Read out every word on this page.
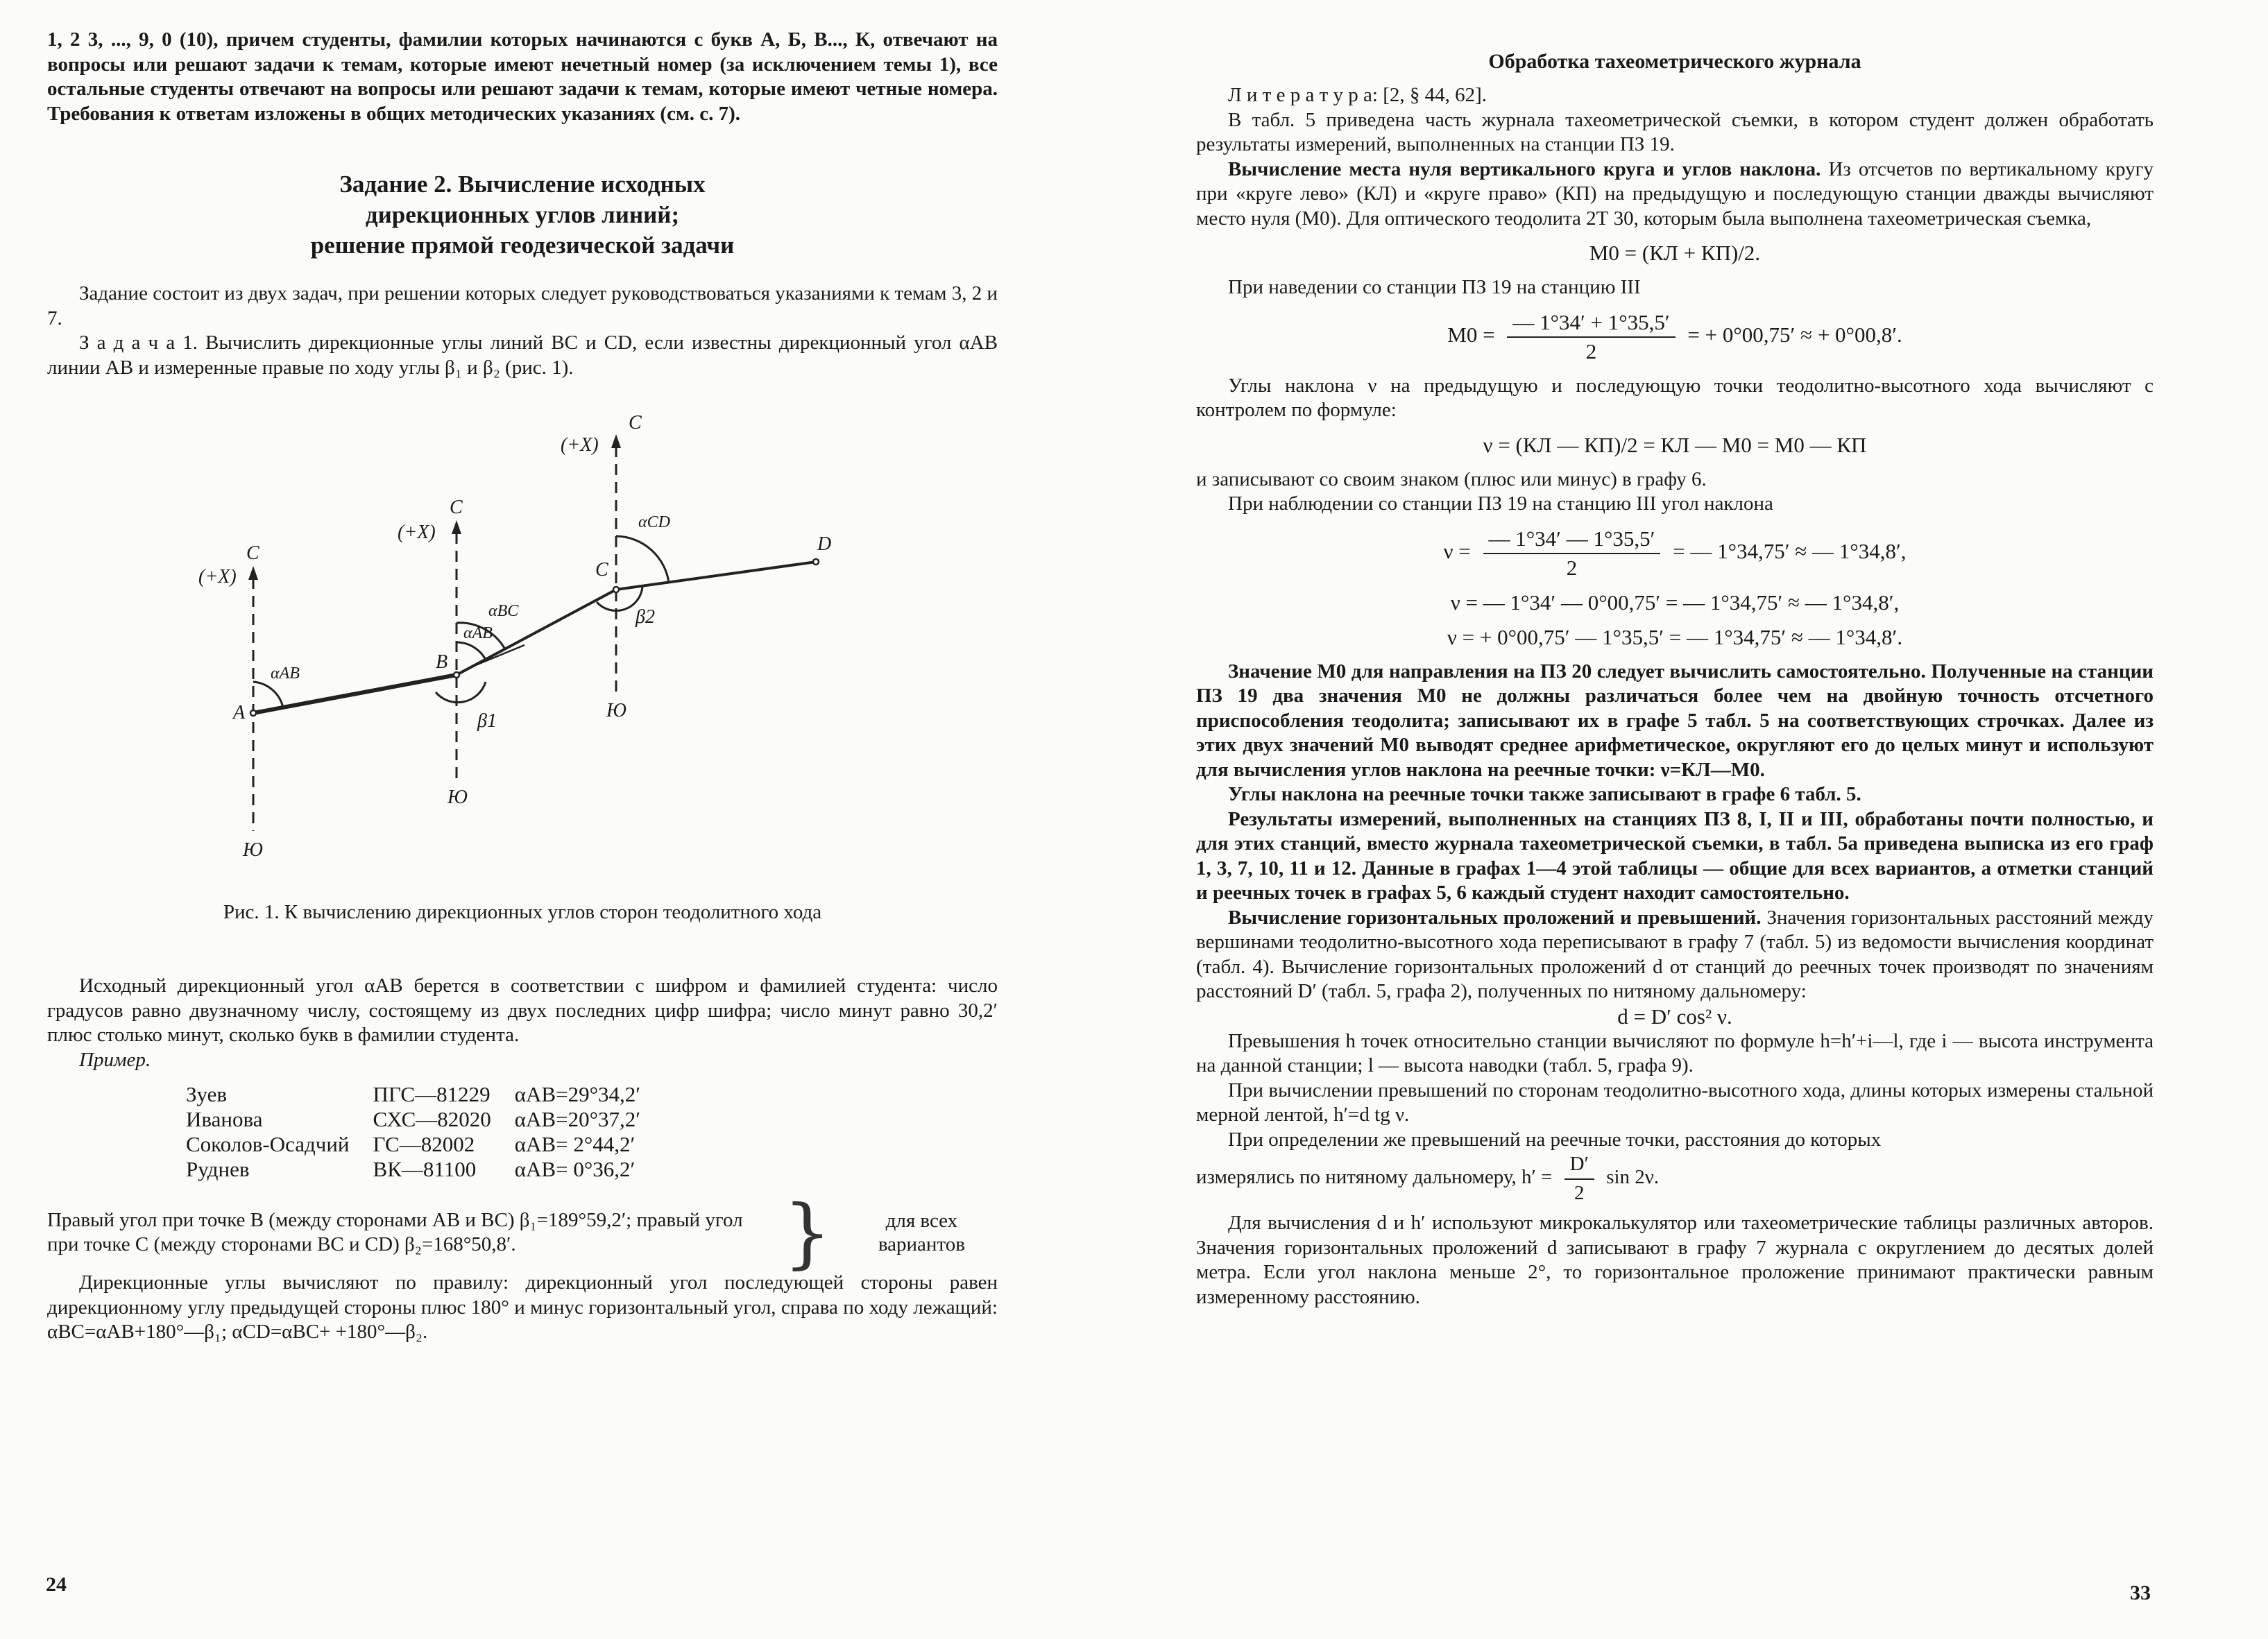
1, 2 3, ..., 9, 0 (10), причем студенты, фамилии которых начинаются с букв А, Б, В..., К, отвечают на вопросы или решают задачи к темам, которые имеют нечетный номер (за исключением темы 1), все остальные студенты отвечают на вопросы или решают задачи к темам, которые имеют четные номера. Требования к ответам изложены в общих методических указаниях (см. с. 7).

Задание 2. Вычисление исходных
дирекционных углов линий;
решение прямой геодезической задачи

Задание состоит из двух задач, при решении которых следует руководствоваться указаниями к темам 3, 2 и 7.

З а д а ч а 1. Вычислить дирекционные углы линий BC и CD, если известны дирекционный угол αAB линии AB и измеренные правые по ходу углы β₁ и β₂ (рис. 1).

C
(+X)
C
(+X)
C
(+X)
A
B
C
D
αAB
αBC
αAB
β1
αCD
β2
Ю
Ю
Ю

Рис. 1. К вычислению дирекционных углов сторон теодолитного хода

Исходный дирекционный угол αAB берется в соответствии с шифром и фамилией студента: число градусов равно двузначному числу, состоящему из двух последних цифр шифра; число минут равно 30,2′ плюс столько минут, сколько букв в фамилии студента.

Пример.

Зуев	ПГС—81229	αAB=29°34,2′
Иванова	СХС—82020	αAB=20°37,2′
Соколов-Осадчий	ГС—82002	αAB= 2°44,2′
Руднев	ВК—81100	αAB= 0°36,2′

Правый угол при точке B (между сторонами AB и BC) β₁=189°59,2′; правый угол при точке C (между сторонами BC и CD) β₂=168°50,8′.	}	для всех вариантов

Дирекционные углы вычисляют по правилу: дирекционный угол последующей стороны равен дирекционному углу предыдущей стороны плюс 180° и минус горизонтальный угол, справа по ходу лежащий: αBC=αAB+180°—β₁; αCD=αBC+ +180°—β₂.

24
Обработка тахеометрического журнала

Л и т е р а т у р а: [2, § 44, 62].

В табл. 5 приведена часть журнала тахеометрической съемки, в котором студент должен обработать результаты измерений, выполненных на станции ПЗ 19.

Вычисление места нуля вертикального круга и углов наклона. Из отсчетов по вертикальному кругу при «круге лево» (КЛ) и «круге право» (КП) на предыдущую и последующую станции дважды вычисляют место нуля (М0). Для оптического теодолита 2Т 30, которым была выполнена тахеометрическая съемка,

М0 = (КЛ + КП)/2.

При наведении со станции ПЗ 19 на станцию III

$М0 = \frac{— 1^\circ 34' + 1^\circ 35,5'}{2}$ = + 0°00,75′ ≈ + 0°00,8′.

Углы наклона ν на предыдущую и последующую точки теодолитно-высотного хода вычисляют с контролем по формуле:

ν = (КЛ — КП)/2 = КЛ — М0 = М0 — КП

и записывают со своим знаком (плюс или минус) в графу 6.

При наблюдении со станции ПЗ 19 на станцию III угол наклона

$\nu = \frac{— 1^\circ 34' — 1^\circ 35,5'}{2}$ = — 1°34,75′ ≈ — 1°34,8′,
ν = — 1°34′ — 0°00,75′ = — 1°34,75′ ≈ — 1°34,8′,
ν = + 0°00,75′ — 1°35,5′ = — 1°34,75′ ≈ — 1°34,8′.

Значение М0 для направления на ПЗ 20 следует вычислить самостоятельно. Полученные на станции ПЗ 19 два значения М0 не должны различаться более чем на двойную точность отсчетного приспособления теодолита; записывают их в графе 5 табл. 5 на соответствующих строчках. Далее из этих двух значений М0 выводят среднее арифметическое, округляют его до целых минут и используют для вычисления углов наклона на реечные точки: ν=КЛ—М0.

Углы наклона на реечные точки также записывают в графе 6 табл. 5.

Результаты измерений, выполненных на станциях ПЗ 8, I, II и III, обработаны почти полностью, и для этих станций, вместо журнала тахеометрической съемки, в табл. 5а приведена выписка из его граф 1, 3, 7, 10, 11 и 12. Данные в графах 1—4 этой таблицы — общие для всех вариантов, а отметки станций и реечных точек в графах 5, 6 каждый студент находит самостоятельно.

Вычисление горизонтальных проложений и превышений. Значения горизонтальных расстояний между вершинами теодолитно-высотного хода переписывают в графу 7 (табл. 5) из ведомости вычисления координат (табл. 4). Вычисление горизонтальных проложений d от станций до реечных точек производят по значениям расстояний D′ (табл. 5, графа 2), полученных по нитяному дальномеру:

d = D′ cos² ν.

Превышения h точек относительно станции вычисляют по формуле h=h′+i—l, где i — высота инструмента на данной станции; l — высота наводки (табл. 5, графа 9).

При вычислении превышений по сторонам теодолитно-высотного хода, длины которых измерены стальной мерной лентой, h′=d tg ν.

При определении же превышений на реечные точки, расстояния до которых

измерялись по нитяному дальномеру, $h' = \frac{D'}{2}$ sin 2ν.

Для вычисления d и h′ используют микрокалькулятор или тахеометрические таблицы различных авторов. Значения горизонтальных проложений d записывают в графу 7 журнала с округлением до десятых долей метра. Если угол наклона меньше 2°, то горизонтальное проложение принимают практически равным измеренному расстоянию.

33
